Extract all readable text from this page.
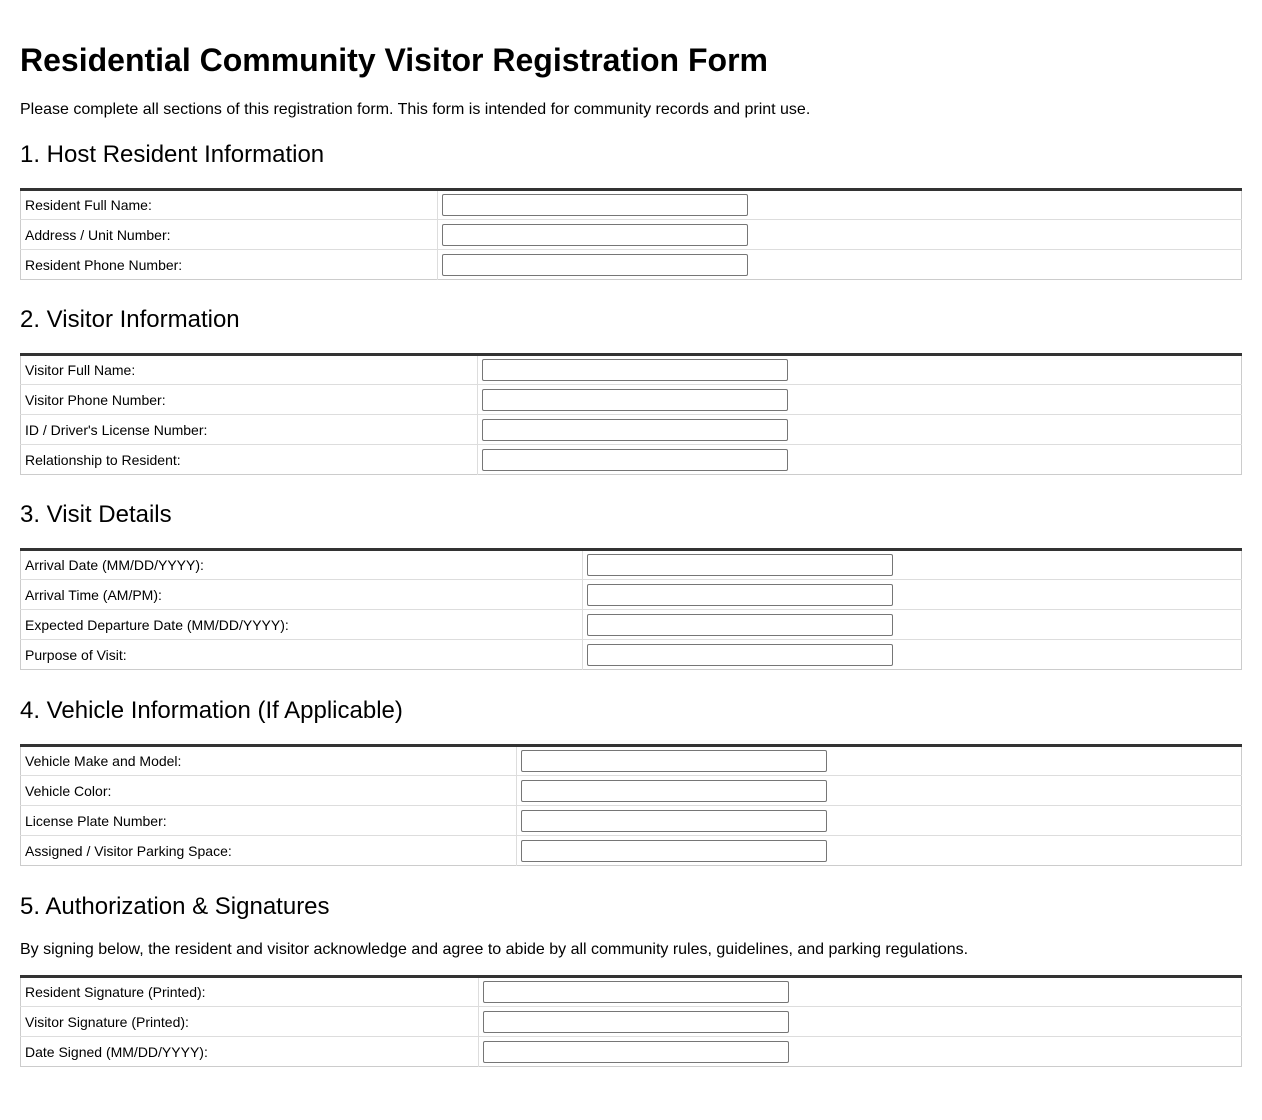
Residential Community Visitor Registration Form

Please complete all sections of this registration form. This form is intended for community records and print use.

1. Host Resident Information
Resident Full Name:	

Address / Unit Number:	

Resident Phone Number:	
2. Visitor Information
Visitor Full Name:	

Visitor Phone Number:	

ID / Driver's License Number:	

Relationship to Resident:	
3. Visit Details
Arrival Date (MM/DD/YYYY):	

Arrival Time (AM/PM):	

Expected Departure Date (MM/DD/YYYY):	

Purpose of Visit:	
4. Vehicle Information (If Applicable)
Vehicle Make and Model:	

Vehicle Color:	

License Plate Number:	

Assigned / Visitor Parking Space:	
5. Authorization & Signatures

By signing below, the resident and visitor acknowledge and agree to abide by all community rules, guidelines, and parking regulations.

Resident Signature (Printed):	

Visitor Signature (Printed):	

Date Signed (MM/DD/YYYY):	
